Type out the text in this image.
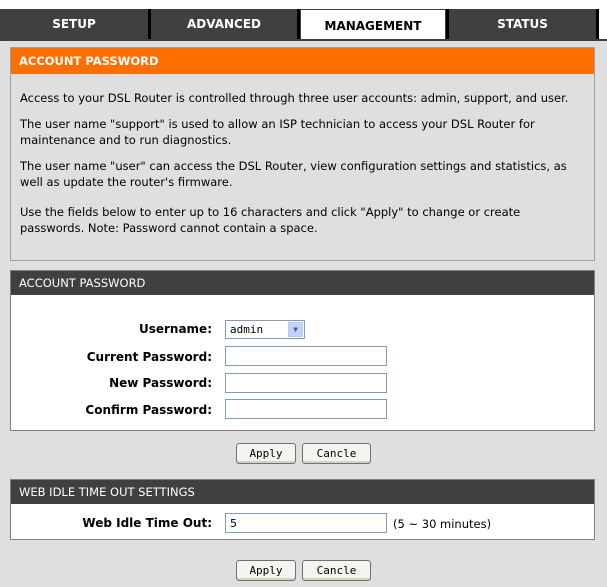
SETUP	ADVANCED	MANAGEMENT	STATUS
ACCOUNT PASSWORD

Access to your DSL Router is controlled through three user accounts: admin, support, and user.

The user name "support" is used to allow an ISP technician to access your DSL Router for maintenance and to run diagnostics.

The user name "user" can access the DSL Router, view configuration settings and statistics, as well as update the router's firmware.

Use the fields below to enter up to 16 characters and click "Apply" to change or create passwords. Note: Password cannot contain a space.

ACCOUNT PASSWORD
Username: admin	▼
Current Password:
New Password:
Confirm Password:
Apply	Cancle
WEB IDLE TIME OUT SETTINGS
Web Idle Time Out:
5	(5 ~ 30 minutes)
Apply	Cancle
